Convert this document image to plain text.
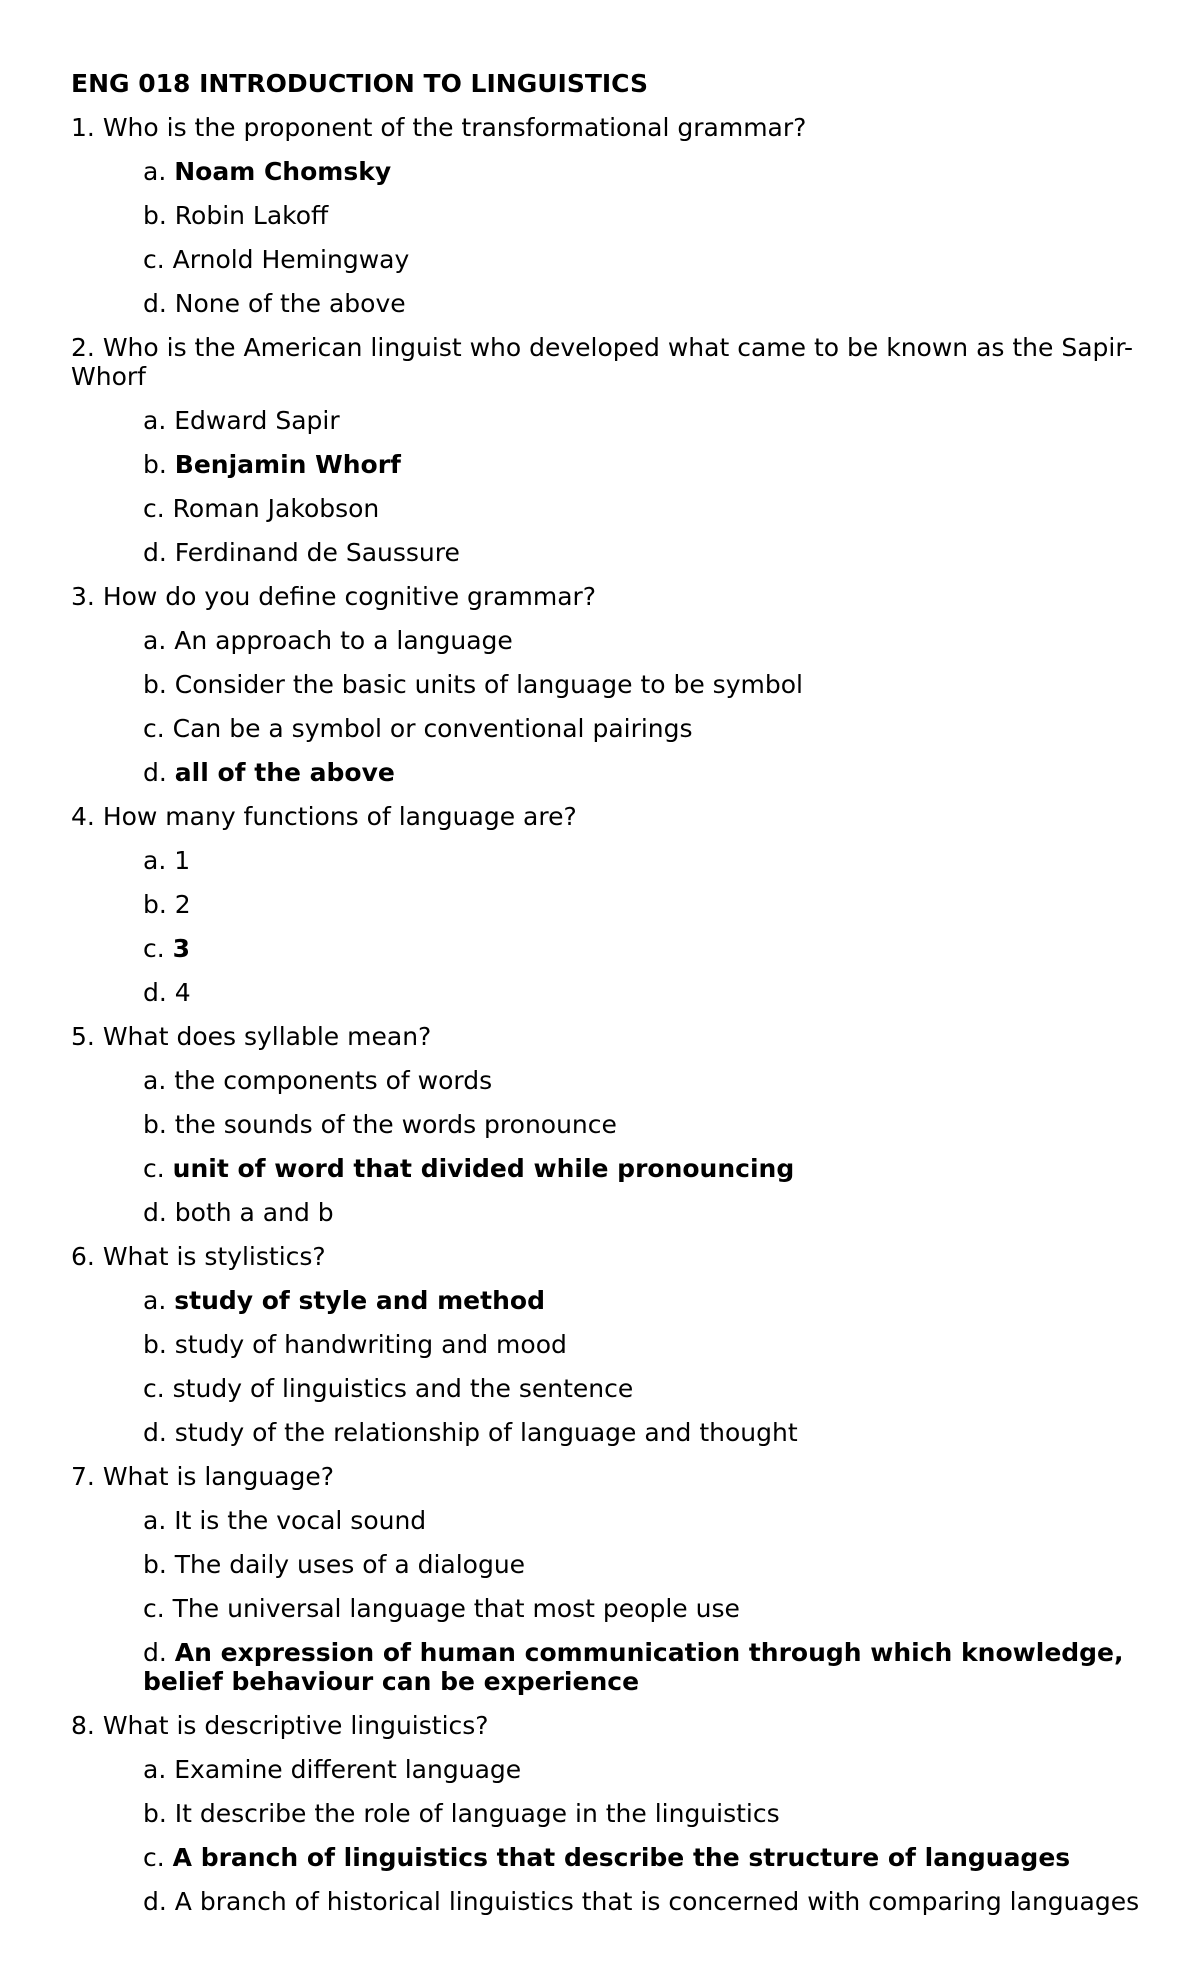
ENG 018 INTRODUCTION TO LINGUISTICS
1. Who is the proponent of the transformational grammar?
a. Noam Chomsky
b. Robin Lakoff
c. Arnold Hemingway
d. None of the above
2. Who is the American linguist who developed what came to be known as the Sapir-Whorf
a. Edward Sapir
b. Benjamin Whorf
c. Roman Jakobson
d. Ferdinand de Saussure
3. How do you define cognitive grammar?
a. An approach to a language
b. Consider the basic units of language to be symbol
c. Can be a symbol or conventional pairings
d. all of the above
4. How many functions of language are?
a. 1
b. 2
c. 3
d. 4
5. What does syllable mean?
a. the components of words
b. the sounds of the words pronounce
c. unit of word that divided while pronouncing
d. both a and b
6. What is stylistics?
a. study of style and method
b. study of handwriting and mood
c. study of linguistics and the sentence
d. study of the relationship of language and thought
7. What is language?
a. It is the vocal sound
b. The daily uses of a dialogue
c. The universal language that most people use
d. An expression of human communication through which knowledge, belief behaviour can be experience
8. What is descriptive linguistics?
a. Examine different language
b. It describe the role of language in the linguistics
c. A branch of linguistics that describe the structure of languages
d. A branch of historical linguistics that is concerned with comparing languages
